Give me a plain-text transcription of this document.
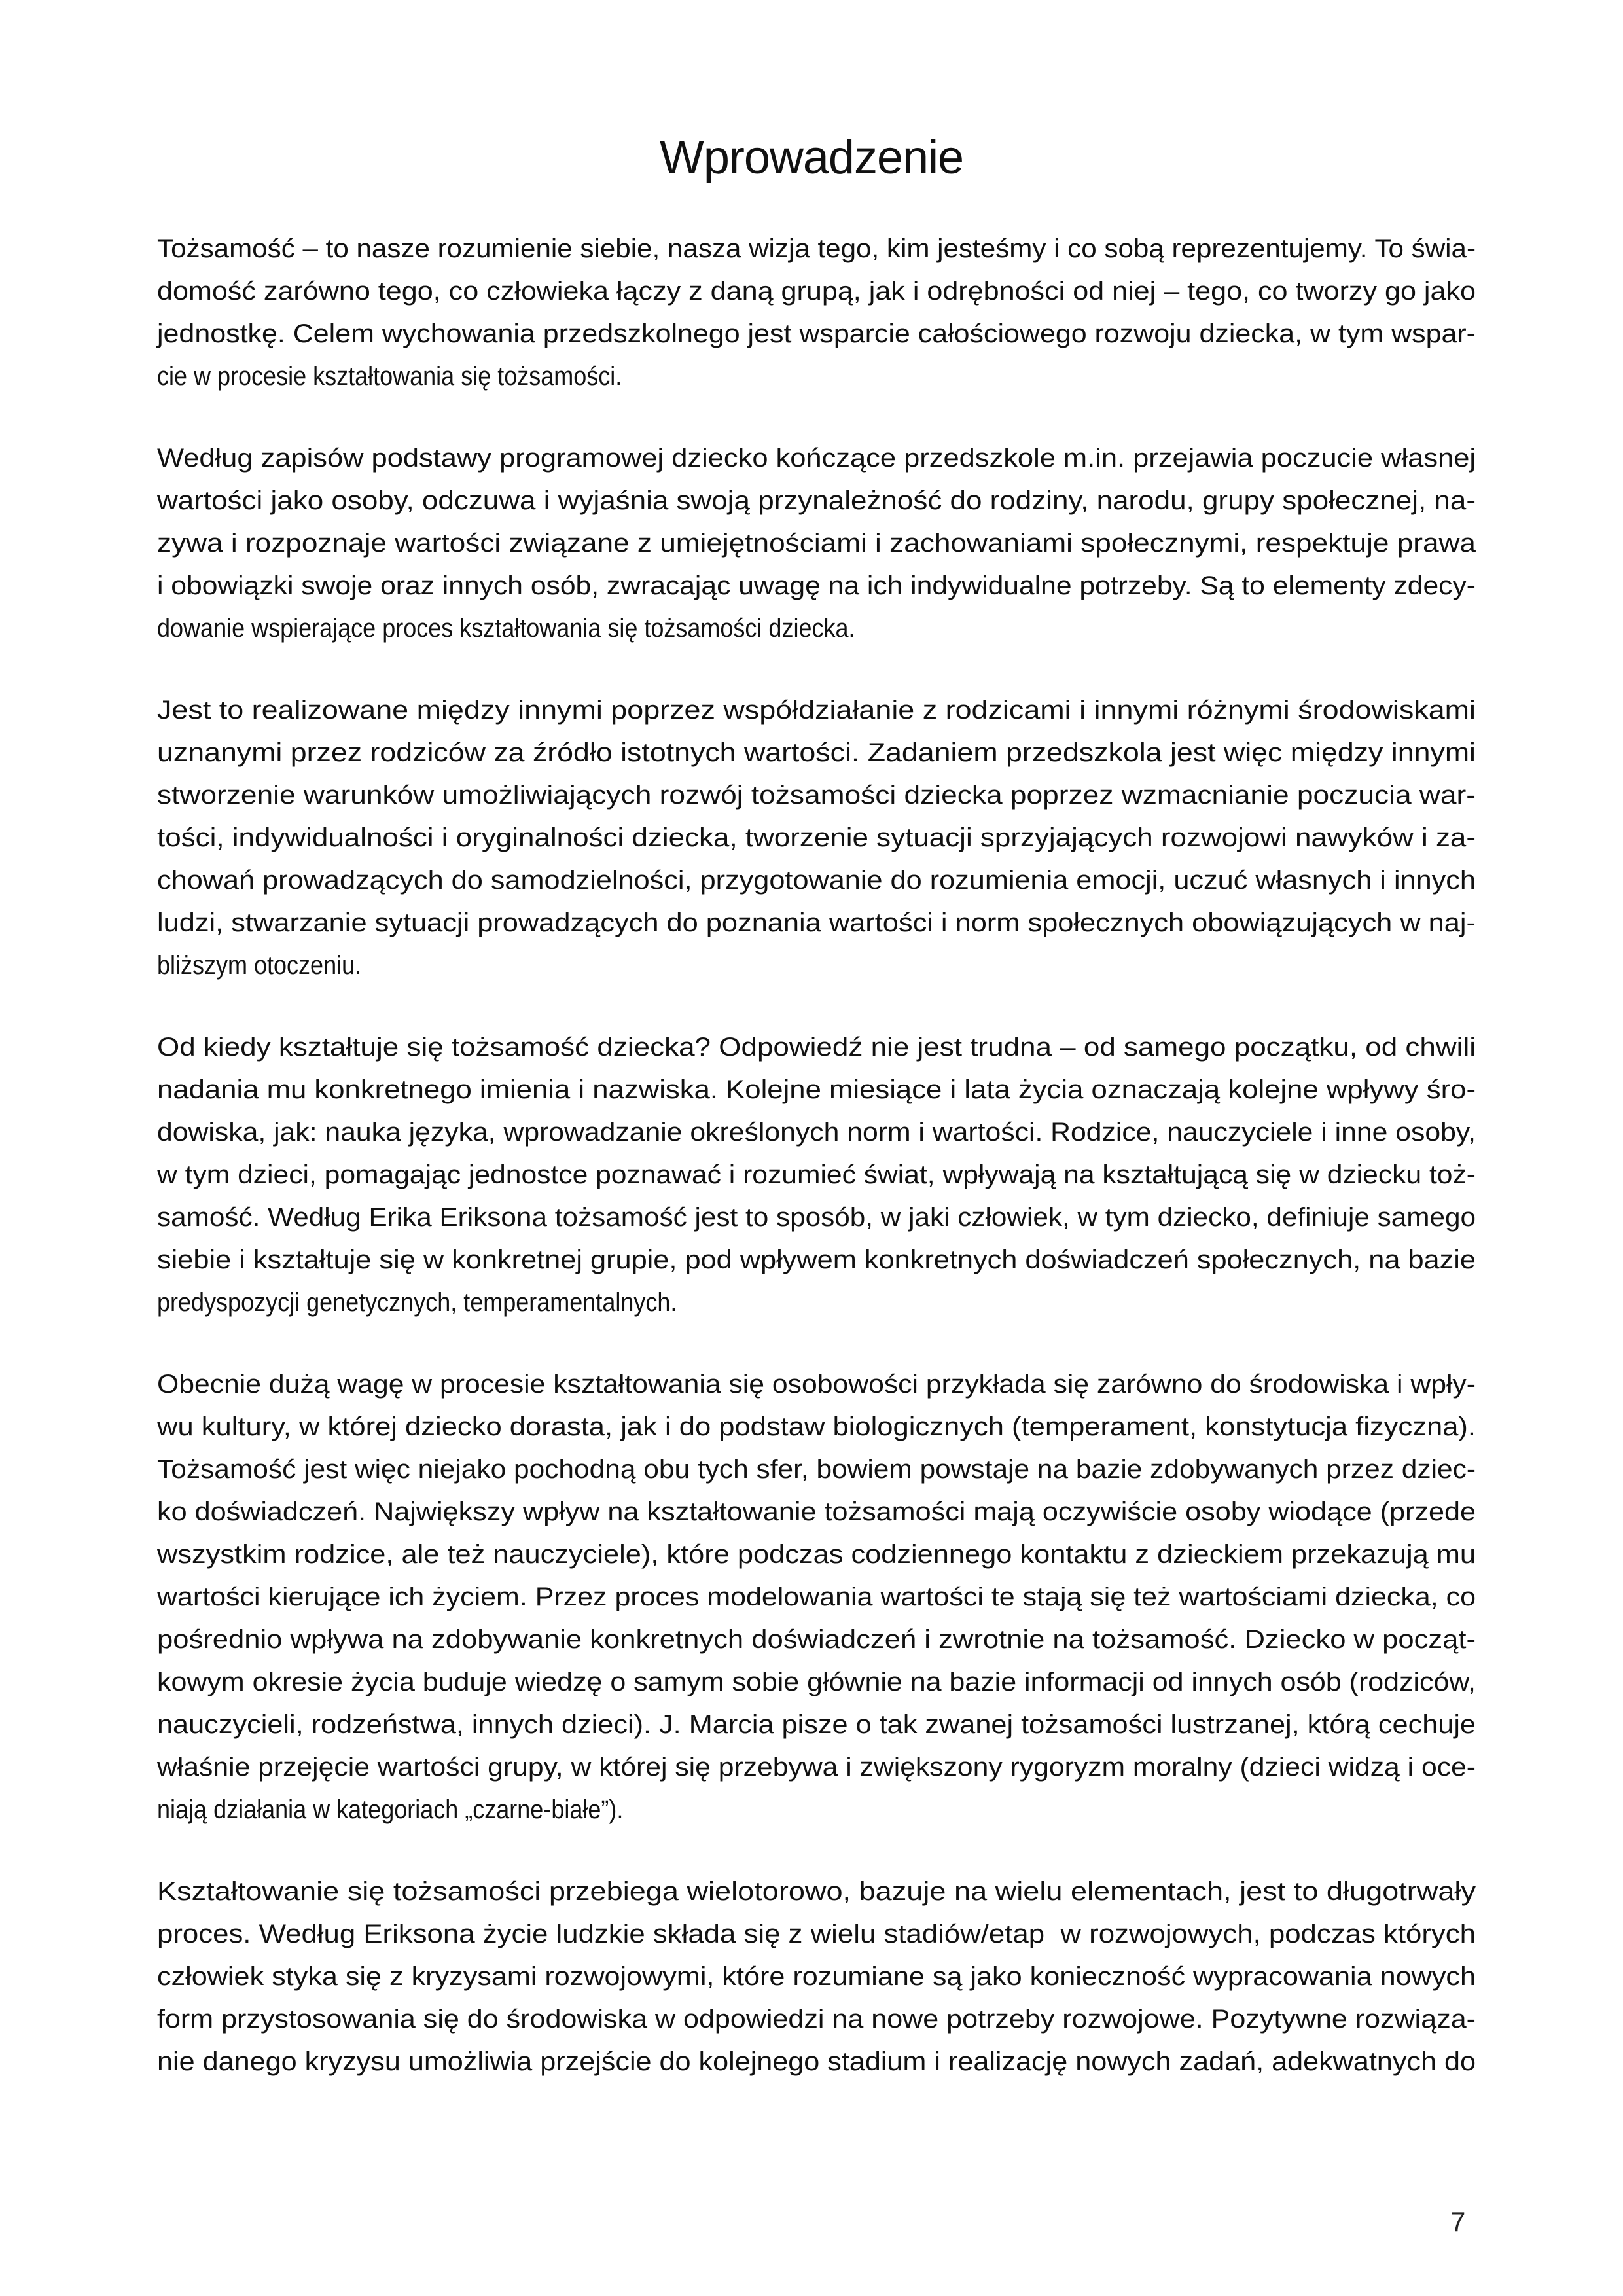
Wprowadzenie
Tożsamość – to nasze rozumienie siebie, nasza wizja tego, kim jesteśmy i co sobą reprezentujemy. To świa-
domość zarówno tego, co człowieka łączy z daną grupą, jak i odrębności od niej – tego, co tworzy go jako
jednostkę. Celem wychowania przedszkolnego jest wsparcie całościowego rozwoju dziecka, w tym wspar-
cie w procesie kształtowania się tożsamości.
Według zapisów podstawy programowej dziecko kończące przedszkole m.in. przejawia poczucie własnej
wartości jako osoby, odczuwa i wyjaśnia swoją przynależność do rodziny, narodu, grupy społecznej, na-
zywa i rozpoznaje wartości związane z umiejętnościami i zachowaniami społecznymi, respektuje prawa
i obowiązki swoje oraz innych osób, zwracając uwagę na ich indywidualne potrzeby. Są to elementy zdecy-
dowanie wspierające proces kształtowania się tożsamości dziecka.
Jest to realizowane między innymi poprzez współdziałanie z rodzicami i innymi różnymi środowiskami
uznanymi przez rodziców za źródło istotnych wartości. Zadaniem przedszkola jest więc między innymi
stworzenie warunków umożliwiających rozwój tożsamości dziecka poprzez wzmacnianie poczucia war-
tości, indywidualności i oryginalności dziecka, tworzenie sytuacji sprzyjających rozwojowi nawyków i za-
chowań prowadzących do samodzielności, przygotowanie do rozumienia emocji, uczuć własnych i innych
ludzi, stwarzanie sytuacji prowadzących do poznania wartości i norm społecznych obowiązujących w naj-
bliższym otoczeniu.
Od kiedy kształtuje się tożsamość dziecka? Odpowiedź nie jest trudna – od samego początku, od chwili
nadania mu konkretnego imienia i nazwiska. Kolejne miesiące i lata życia oznaczają kolejne wpływy śro-
dowiska, jak: nauka języka, wprowadzanie określonych norm i wartości. Rodzice, nauczyciele i inne osoby,
w tym dzieci, pomagając jednostce poznawać i rozumieć świat, wpływają na kształtującą się w dziecku toż-
samość. Według Erika Eriksona tożsamość jest to sposób, w jaki człowiek, w tym dziecko, definiuje samego
siebie i kształtuje się w konkretnej grupie, pod wpływem konkretnych doświadczeń społecznych, na bazie
predyspozycji genetycznych, temperamentalnych.
Obecnie dużą wagę w procesie kształtowania się osobowości przykłada się zarówno do środowiska i wpły-
wu kultury, w której dziecko dorasta, jak i do podstaw biologicznych (temperament, konstytucja fizyczna).
Tożsamość jest więc niejako pochodną obu tych sfer, bowiem powstaje na bazie zdobywanych przez dziec-
ko doświadczeń. Największy wpływ na kształtowanie tożsamości mają oczywiście osoby wiodące (przede
wszystkim rodzice, ale też nauczyciele), które podczas codziennego kontaktu z dzieckiem przekazują mu
wartości kierujące ich życiem. Przez proces modelowania wartości te stają się też wartościami dziecka, co
pośrednio wpływa na zdobywanie konkretnych doświadczeń i zwrotnie na tożsamość. Dziecko w począt-
kowym okresie życia buduje wiedzę o samym sobie głównie na bazie informacji od innych osób (rodziców,
nauczycieli, rodzeństwa, innych dzieci). J. Marcia pisze o tak zwanej tożsamości lustrzanej, którą cechuje
właśnie przejęcie wartości grupy, w której się przebywa i zwiększony rygoryzm moralny (dzieci widzą i oce-
niają działania w kategoriach „czarne-białe”).
Kształtowanie się tożsamości przebiega wielotorowo, bazuje na wielu elementach, jest to długotrwały
proces. Według Eriksona życie ludzkie składa się z wielu stadiów/etap  w rozwojowych, podczas których
człowiek styka się z kryzysami rozwojowymi, które rozumiane są jako konieczność wypracowania nowych
form przystosowania się do środowiska w odpowiedzi na nowe potrzeby rozwojowe. Pozytywne rozwiąza-
nie danego kryzysu umożliwia przejście do kolejnego stadium i realizację nowych zadań, adekwatnych do
7
